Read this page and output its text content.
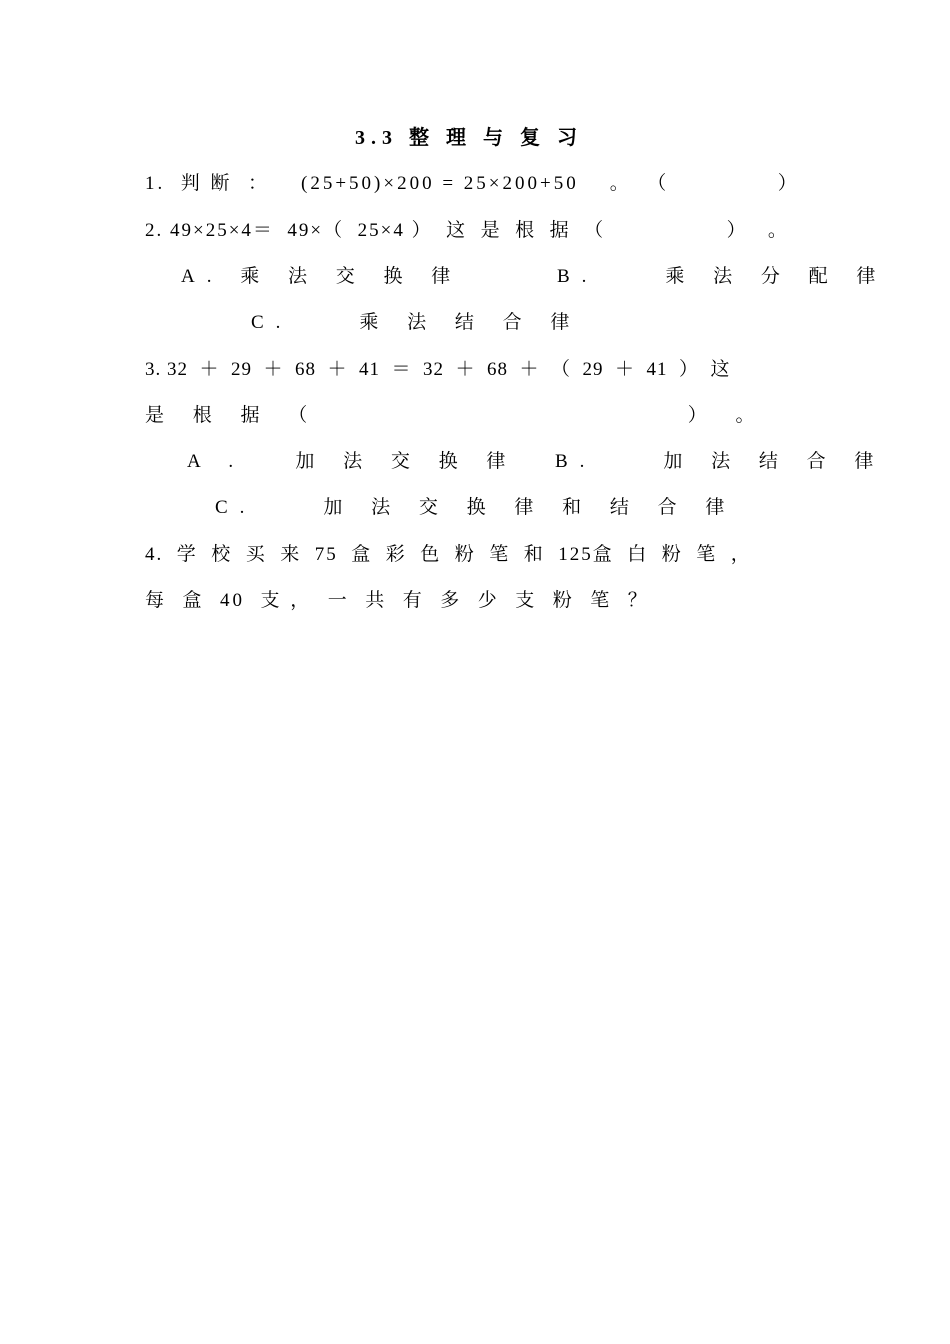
3.3 整 理 与 复 习
1.  判 断  ：    (25+50)×200 = 25×200+50    。  （              ）
2. 49×25×4＝  49×（  25×4 ）  这  是  根  据  （                  ）   。
A. 乘 法 交 换 律	B.    乘 法 分 配 律
C.    乘 法 结 合 律
3. 32  ＋  29  ＋  68  ＋  41  ＝  32  ＋  68  ＋  （  29  ＋  41  ）  这
是 根 据 （                      ） 。
A .   加 法 交 换 律 B.    加 法 结 合 律
C.    加 法 交 换 律 和 结 合 律
4.  学  校  买  来  75  盒  彩  色  粉  笔  和  125盒  白  粉  笔  ，
每  盒  40  支 ，  一  共  有  多  少  支  粉  笔  ？
